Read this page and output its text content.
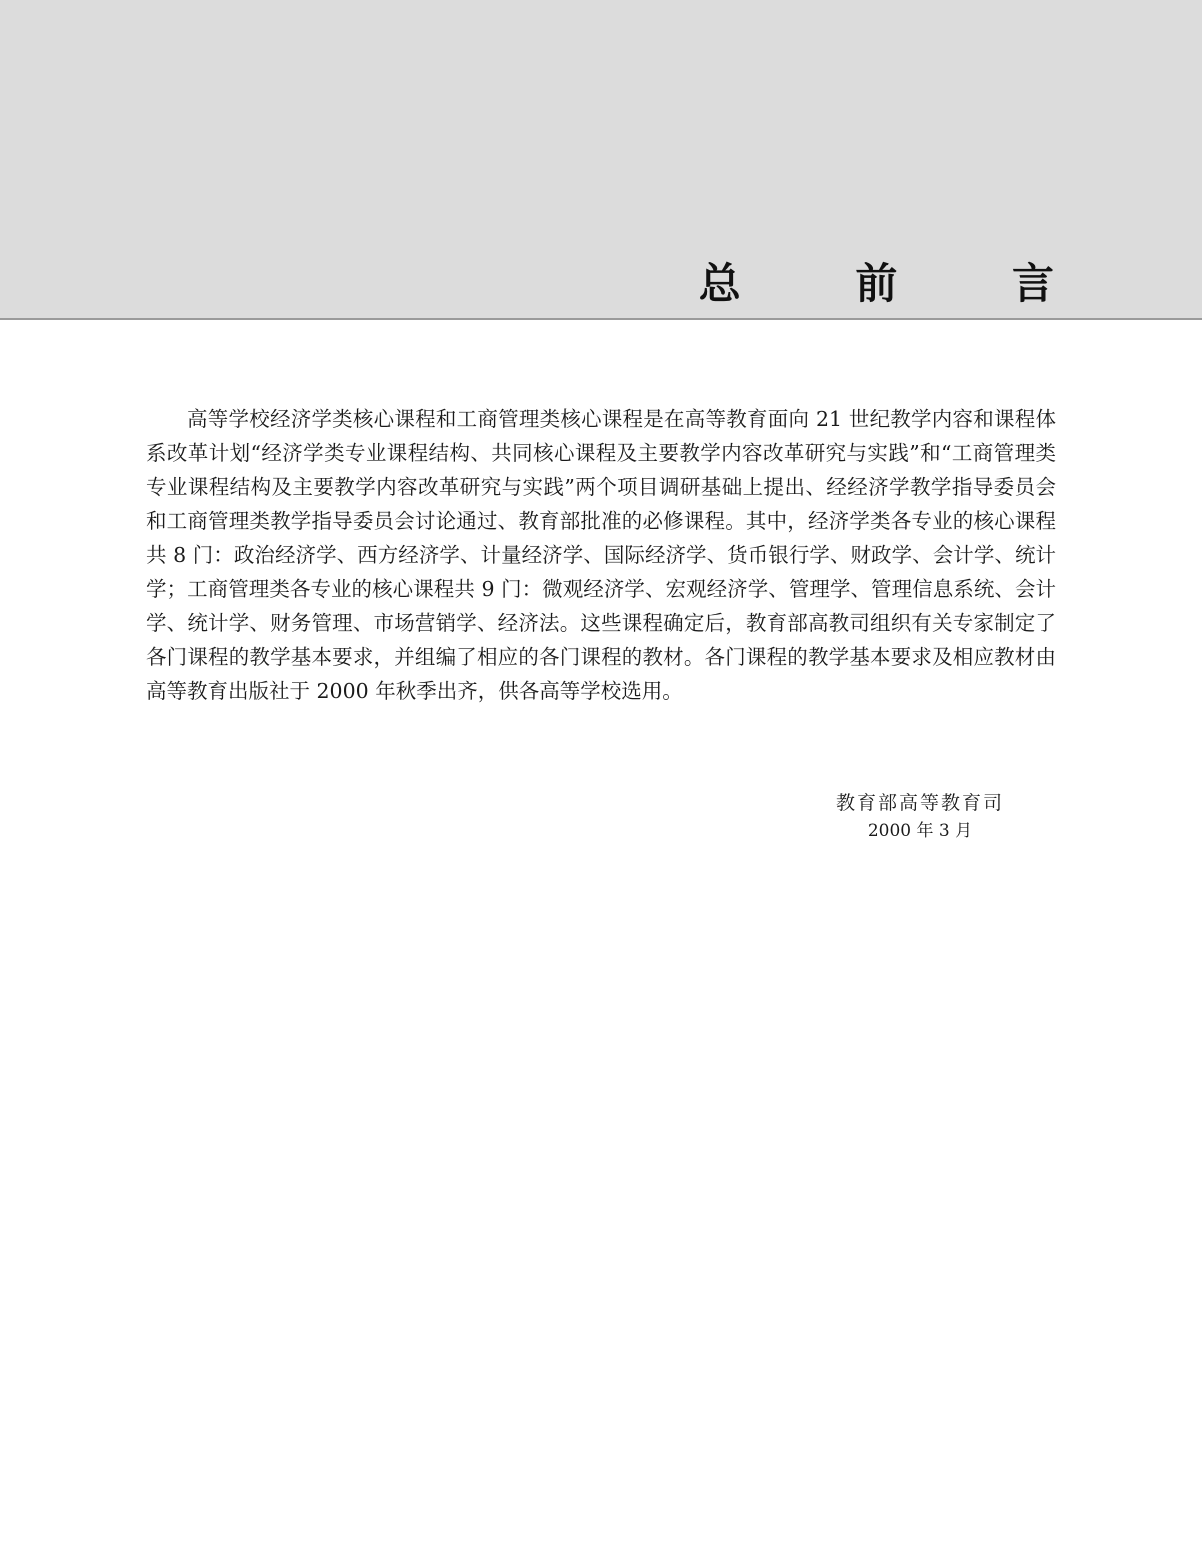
总 前 言

高等学校经济学类核心课程和工商管理类核心课程是在高等教育面向 21 世纪教学内容和课程体系改革计划“经济学类专业课程结构、共同核心课程及主要教学内容改革研究与实践”和“工商管理类专业课程结构及主要教学内容改革研究与实践”两个项目调研基础上提出、经经济学教学指导委员会和工商管理类教学指导委员会讨论通过、教育部批准的必修课程。其中，经济学类各专业的核心课程共 8 门：政治经济学、西方经济学、计量经济学、国际经济学、货币银行学、财政学、会计学、统计学；工商管理类各专业的核心课程共 9 门：微观经济学、宏观经济学、管理学、管理信息系统、会计学、统计学、财务管理、市场营销学、经济法。这些课程确定后，教育部高教司组织有关专家制定了各门课程的教学基本要求，并组编了相应的各门课程的教材。各门课程的教学基本要求及相应教材由高等教育出版社于 2000 年秋季出齐，供各高等学校选用。

教育部高等教育司
2000 年 3 月
